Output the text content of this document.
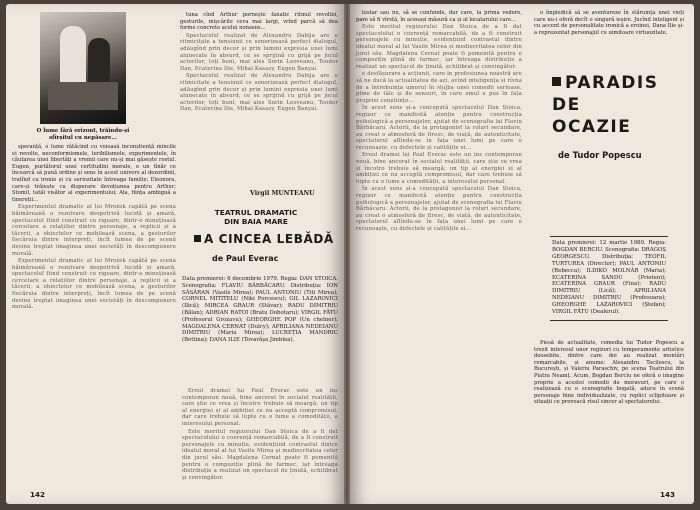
O lume fără orizont, trăindu-și sfîrșitul cu nepăsare...

speranță, o lume rătăcind cu voioasă inconștiență mincile ei revolte, neconformismele, teribilismele, experimentele, în căutarea unei libertăți a vremii care nu-și mai găsește rostul. Eugen, purtătorul unei certitudini morale, e un tînăr ce încearcă să pună ordine și sens în acest univers al dezordinii, tratînd cu ironie și cu seriozitate întreaga familie; Eleonora, care-și trăiește cu disperare devoțiunea pentru Arthur; Stomil, tatăl visător al experimentului; Ala, ființa ambiguă a tinereții...

Experimentul dramatic al lui Mrożek capătă pe scena băimăreană o rezolvare deopotrivă lucidă și amară, spectacolul fiind construit cu rigoare, dintr-o minuțioasă cercetare a relațiilor dintre personaje, a replicii și a tăcerii, a obiectelor ce mobilează scena, a gesturilor fiecăruia dintre interpreți, încît lumea de pe scenă devine treptat imaginea unei societăți în descompunere morală.

Experimentul dramatic al lui Mrożek capătă pe scena băimăreană o rezolvare deopotrivă lucidă și amară, spectacolul fiind construit cu rigoare, dintr-o minuțioasă cercetare a relațiilor dintre personaje, a replicii și a tăcerii, a obiectelor ce mobilează scena, a gesturilor fiecăruia dintre interpreți, încît lumea de pe scenă devine treptat imaginea unei societăți în descompunere morală.

tuna cînd Arthur pornește fanatic ritmul revoltei, gesturile, mișcările ceva mai largi, vrînd parcă să dea forme concrete acelui nonsens...

Spectacolul realizat de Alexandru Dabija are o ritmicitate a tensiunii ce sonorizează perfect dialogul, adăugînd prin decor și prin lumini expresia unei lumi alunecate în absurd, ce se sprijină cu grijă pe jocul actorilor, toți buni, mai ales Sorin Leoveanu, Teodor Dan, Ecaterina Ilie, Mihai Kasasy, Eugen Banyai.

Spectacolul realizat de Alexandru Dabija are o ritmicitate a tensiunii ce sonorizează perfect dialogul, adăugînd prin decor și prin lumini expresia unei lumi alunecate în absurd, ce se sprijină cu grijă pe jocul actorilor, toți buni, mai ales Sorin Leoveanu, Teodor Dan, Ecaterina Ilie, Mihai Kasasy, Eugen Banyai.

Virgil MUNTEANU
TEATRUL DRAMATIC
DIN BAIA MARE
A CINCEA LEBĂDĂ
de Paul Everac
Data premierei: 6 decembrie 1979. Regia: DAN STOICA. Scenografia: FLAVIU BĂRBĂCARU. Distribuția: ION SĂSĂRAN (Vasile Mirea); PAUL ANTONIU (Titi Mirea); CORNEL MITITELU (Niki Porcescu); GIL LAZAROVICI (Ilică); MIRCEA GRAUR (Stăvar); RADU DIMITRIU (Bălan); ADRIAN RATOI (Bratu Dobotaru); VIRGIL FĂTU (Profesorul Grozavu); GHEORGHE POP (Un chelner); MAGDALENA CERNAT (Dulcy); APRILIANA NEDEIANU DIMITRIU (Maria Mirea); LUCREȚIA MANDRIC (Bettina); DANA ILIE (Tovarășa Jimblea).

Eroul dramei lui Paul Everac este un ins contemporan nouă, bine ancorat în socialul realității, care știe ce vrea și încotro trebuie să meargă; un tip al energiei și al ambiției ce nu acceptă compromisul, dar care trebuie să lupte cu o lume a comodității, a interesului personal.

Este meritul regizorului Dan Stoica de a fi dat spectacolului o coerență remarcabilă, de a fi construit personajele cu minuție, evidențiind contrastul dintre idealul moral al lui Vasile Mirea și mediocritatea celor din jurul său. Magdalena Cernat poate fi pomenită pentru o compoziție plină de farmec, iar întreaga distribuție a realizat un spectacol de ținută, echilibrat și convingător.

142

lustar sau nu, să se confunde, dar care, la prima vedere, pare să fi vîrstă, în aceeași măsură ca și al locatarului care...

Este meritul regizorului Dan Stoica de a fi dat spectacolului o coerență remarcabilă, de a fi construit personajele cu minuție, evidențiind contrastul dintre idealul moral al lui Vasile Mirea și mediocritatea celor din jurul său. Magdalena Cernat poate fi pomenită pentru o compoziție plină de farmec, iar întreaga distribuție a realizat un spectacol de ținută, echilibrat și convingător.

o desfășurare a acțiunii, care în profesiunea noastră are să ne ducă la actualitatea de azi, avînd inteligența și rîvna de a întrebuința umorul în slujba unei comedii serioase, pline de tâlc și de sensuri, în care omul e pus în fața propriei conștiințe...

În acest sens și-a concepută spectacolul Dan Stoica, regizor ce manifestă atenție pentru construcția psihologică a personajelor, ajutat de scenografia lui Flaviu Bărbăcaru. Actorii, de la protagonist la roluri secundare, au creat o atmosferă de firesc, de viață, de autenticitate, spectatorul aflîndu-se în fața unei lumi pe care o recunoaște, cu defectele și calitățile ei...

Eroul dramei lui Paul Everac este un ins contemporan nouă, bine ancorat în socialul realității, care știe ce vrea și încotro trebuie să meargă; un tip al energiei și al ambiției ce nu acceptă compromisul, dar care trebuie să lupte cu o lume a comodității, a interesului personal.

În acest sens și-a concepută spectacolul Dan Stoica, regizor ce manifestă atenție pentru construcția psihologică a personajelor, ajutat de scenografia lui Flaviu Bărbăcaru. Actorii, de la protagonist la roluri secundare, au creat o atmosferă de firesc, de viață, de autenticitate, spectatorul aflîndu-se în fața unei lumi pe care o recunoaște, cu defectele și calitățile ei...

o împiedică să se aventureze în stăruința unei vieți care nu-i oferă decît o singură ieșire. Jucînd inteligent și cu accent de personalitate ironică a eroinei, Dana Ilie și-a reprezentat personajul cu uimitoare virtuozitate.

PARADIS DE OCAZIE
de Tudor Popescu
Data premierei: 12 martie 1980. Regia: BOGDAN BERCIU. Scenografia: DRAGOȘ GEORGESCU. Distribuția: TEOFIL TURTUREA (Director); PAUL ANTONIU (Rebecca); ILDIKÓ MOLNÁR (Maria); ECATERINA SANDU (Prieteni); ECATERINA GRAUR (Fina); RADU DIMITRIU (Lică); APRILIANA NEDEIANU DIMITRIU (Profesoara); GHEORGHE LAZAROVICI (Ștefan); VIRGIL FĂTU (Dealerul).

Piesă de actualitate, comedia lui Tudor Popescu a trezit interesul unor regizori cu temperamente artistice deosebite, dintre care doi au realizat montări remarcabile, și anume: Alexandru Tocilescu, la București, și Valeriu Paraschiv, pe scena Teatrului din Piatra Neamț. Acum, Bogdan Berciu ne oferă o imagine proprie a acestei comedii de moravuri, pe care o realizează cu o scenografie bogată, aduce în scenă personaje bine individualizate, cu replici sclipitoare și situații ce provoacă rîsul sincer al spectatorului.

143
